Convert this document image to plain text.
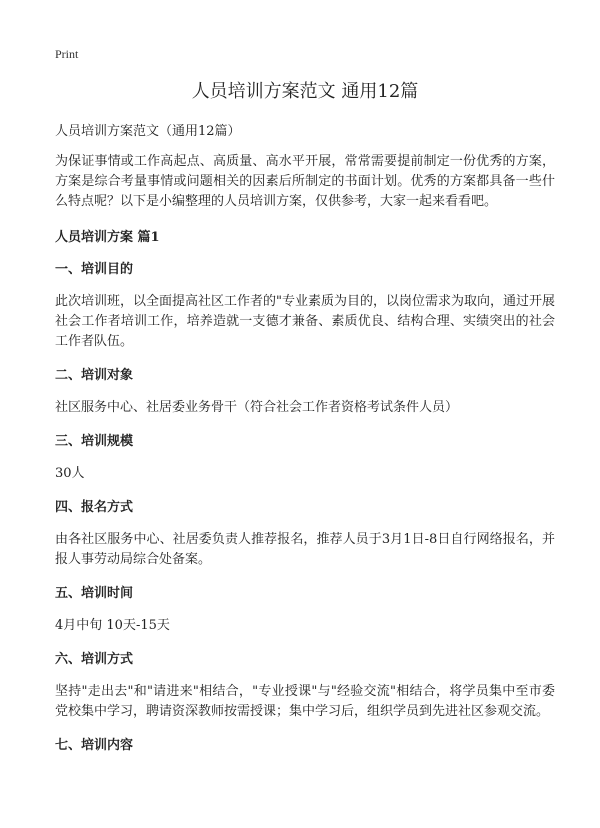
Print
人员培训方案范文 通用12篇
人员培训方案范文（通用12篇）

为保证事情或工作高起点、高质量、高水平开展，常常需要提前制定一份优秀的方案，方案是综合考量事情或问题相关的因素后所制定的书面计划。优秀的方案都具备一些什么特点呢？以下是小编整理的人员培训方案，仅供参考，大家一起来看看吧。

人员培训方案 篇1
一、培训目的

此次培训班，以全面提高社区工作者的"专业素质为目的，以岗位需求为取向，通过开展社会工作者培训工作，培养造就一支德才兼备、素质优良、结构合理、实绩突出的社会工作者队伍。

二、培训对象

社区服务中心、社居委业务骨干（符合社会工作者资格考试条件人员）

三、培训规模

30人

四、报名方式

由各社区服务中心、社居委负责人推荐报名，推荐人员于3月1日-8日自行网络报名，并报人事劳动局综合处备案。

五、培训时间

4月中旬 10天-15天

六、培训方式

坚持"走出去"和"请进来"相结合，"专业授课"与"经验交流"相结合，将学员集中至市委党校集中学习，聘请资深教师按需授课；集中学习后，组织学员到先进社区参观交流。

七、培训内容
